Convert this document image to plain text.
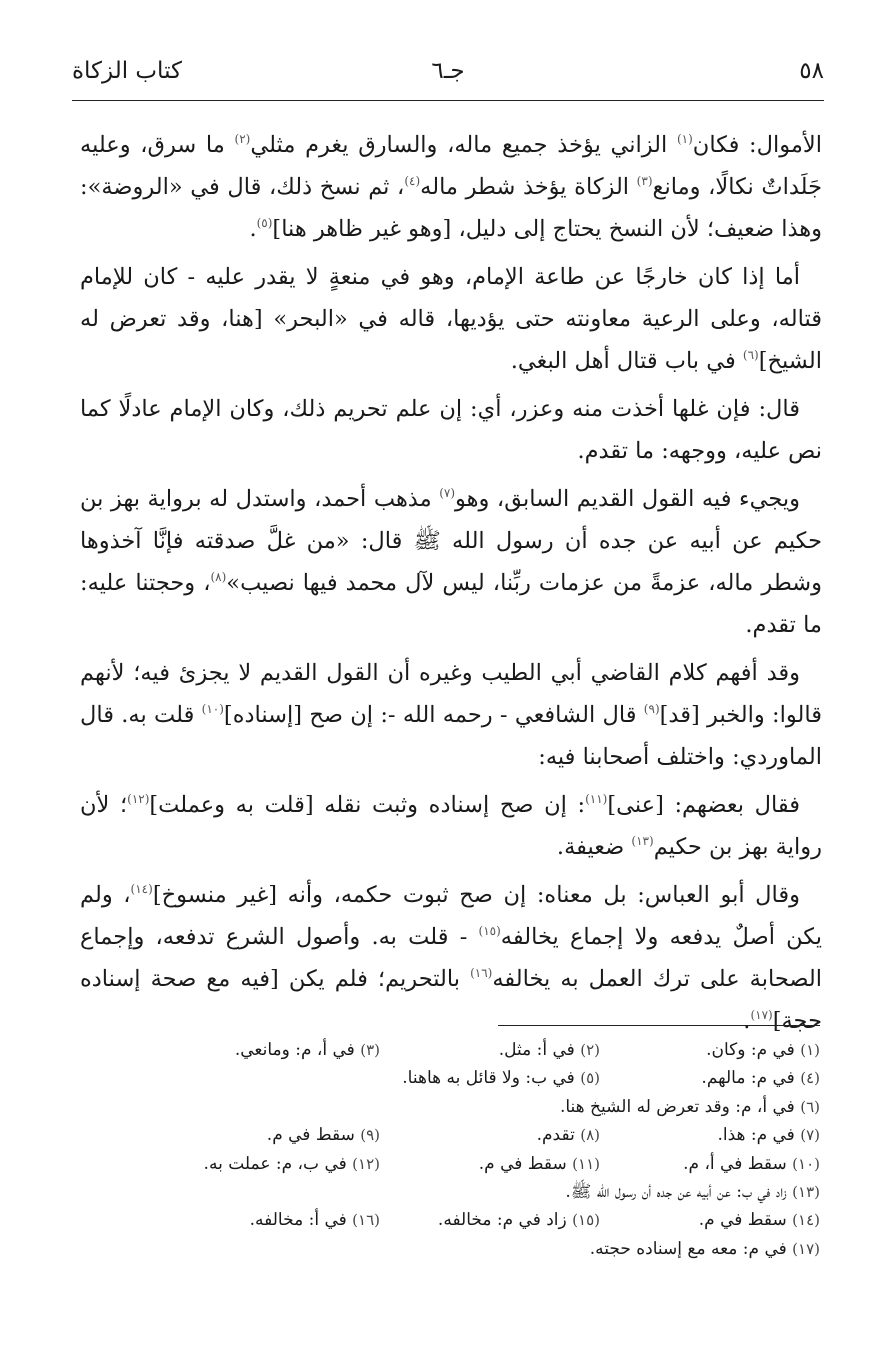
٥٨
جـ٦
كتاب الزكاة

الأموال: فكان$^{(١)}$ الزاني يؤخذ جميع ماله، والسارق يغرم مثلي$^{(٢)}$ ما سرق، وعليه جَلَداتٌ نكالًا، ومانع$^{(٣)}$ الزكاة يؤخذ شطر ماله$^{(٤)}$، ثم نسخ ذلك، قال في «الروضة»: وهذا ضعيف؛ لأن النسخ يحتاج إلى دليل، [وهو غير ظاهر هنا]$^{(٥)}$.

أما إذا كان خارجًا عن طاعة الإمام، وهو في منعةٍ لا يقدر عليه - كان للإمام قتاله، وعلى الرعية معاونته حتى يؤديها، قاله في «البحر» [هنا، وقد تعرض له الشيخ]$^{(٦)}$ في باب قتال أهل البغي.

قال: فإن غلها أخذت منه وعزر، أي: إن علم تحريم ذلك، وكان الإمام عادلًا كما نص عليه، ووجهه: ما تقدم.

ويجيء فيه القول القديم السابق، وهو$^{(٧)}$ مذهب أحمد، واستدل له برواية بهز بن حكيم عن أبيه عن جده أن رسول الله ﷺ قال: «من غلَّ صدقته فإنَّا آخذوها وشطر ماله، عزمةً من عزمات ربِّنا، ليس لآل محمد فيها نصيب»$^{(٨)}$، وحجتنا عليه: ما تقدم.

وقد أفهم كلام القاضي أبي الطيب وغيره أن القول القديم لا يجزئ فيه؛ لأنهم قالوا: والخبر [قد]$^{(٩)}$ قال الشافعي - رحمه الله -: إن صح [إسناده]$^{(١٠)}$ قلت به. قال الماوردي: واختلف أصحابنا فيه:

فقال بعضهم: [عنى]$^{(١١)}$: إن صح إسناده وثبت نقله [قلت به وعملت]$^{(١٢)}$؛ لأن رواية بهز بن حكيم$^{(١٣)}$ ضعيفة.

وقال أبو العباس: بل معناه: إن صح ثبوت حكمه، وأنه [غير منسوخ]$^{(١٤)}$، ولم يكن أصلٌ يدفعه ولا إجماع يخالفه$^{(١٥)}$ - قلت به. وأصول الشرع تدفعه، وإجماع الصحابة على ترك العمل به يخالفه$^{(١٦)}$ بالتحريم؛ فلم يكن [فيه مع صحة إسناده حجة]$^{(١٧)}$.

(١) في م: وكان.
(٢) في أ: مثل.
(٣) في أ، م: ومانعي.
(٤) في م: مالهم.
(٥) في ب: ولا قائل به هاهنا.
(٦) في أ، م: وقد تعرض له الشيخ هنا.
(٧) في م: هذا.
(٨) تقدم.
(٩) سقط في م.
(١٠) سقط في أ، م.
(١١) سقط في م.
(١٢) في ب، م: عملت به.
(١٣) زاد في ب: عن أبيه عن جده أن رسول الله ﷺ.
(١٤) سقط في م.
(١٥) زاد في م: مخالفه.
(١٦) في أ: مخالفه.
(١٧) في م: معه مع إسناده حجته.
